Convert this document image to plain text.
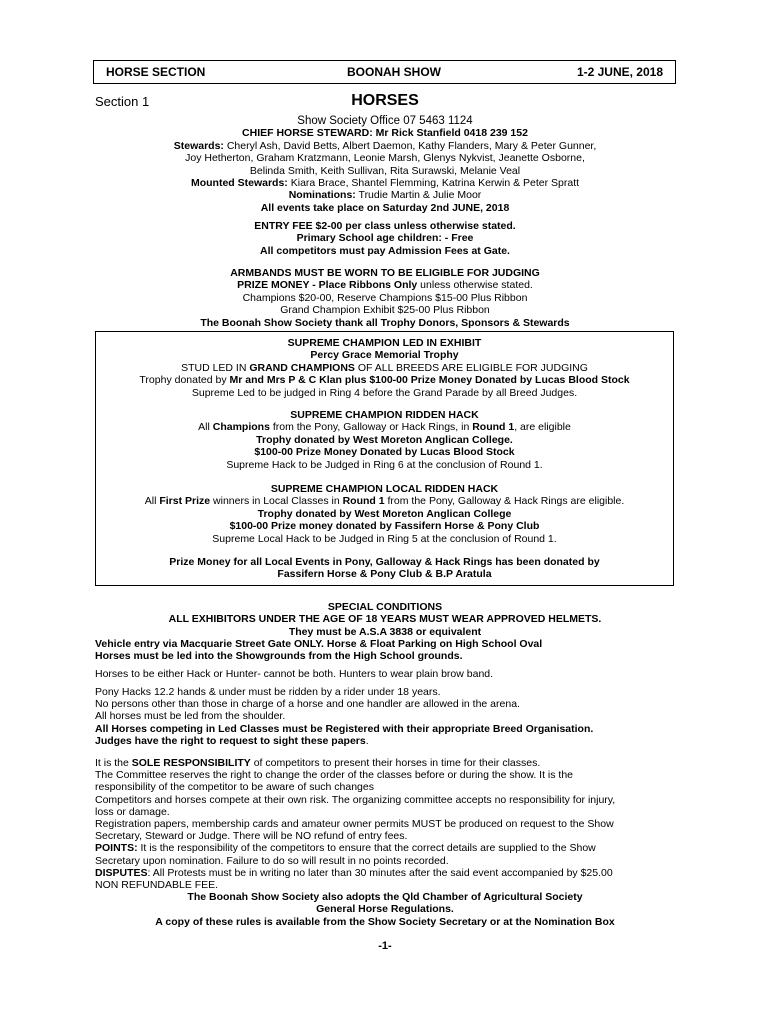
HORSE SECTION	BOONAH SHOW	1-2 JUNE, 2018
Section 1	HORSES

Show Society Office 07 5463 1124

CHIEF HORSE STEWARD: Mr Rick Stanfield 0418 239 152

Stewards: Cheryl Ash, David Betts, Albert Daemon, Kathy Flanders, Mary & Peter Gunner,

Joy Hetherton, Graham Kratzmann, Leonie Marsh, Glenys Nykvist, Jeanette Osborne,

Belinda Smith, Keith Sullivan, Rita Surawski, Melanie Veal

Mounted Stewards: Kiara Brace, Shantel Flemming, Katrina Kerwin & Peter Spratt

Nominations: Trudie Martin & Julie Moor

All events take place on Saturday 2nd JUNE, 2018

ENTRY FEE $2-00 per class unless otherwise stated.

Primary School age children: - Free

All competitors must pay Admission Fees at Gate.

ARMBANDS MUST BE WORN TO BE ELIGIBLE FOR JUDGING

PRIZE MONEY - Place Ribbons Only unless otherwise stated.

Champions $20-00, Reserve Champions $15-00 Plus Ribbon

Grand Champion Exhibit $25-00 Plus Ribbon

The Boonah Show Society thank all Trophy Donors, Sponsors & Stewards

SUPREME CHAMPION LED IN EXHIBIT

Percy Grace Memorial Trophy

STUD LED IN GRAND CHAMPIONS OF ALL BREEDS ARE ELIGIBLE FOR JUDGING

Trophy donated by Mr and Mrs P & C Klan plus $100-00 Prize Money Donated by Lucas Blood Stock

Supreme Led to be judged in Ring 4 before the Grand Parade by all Breed Judges.

SUPREME CHAMPION RIDDEN HACK

All Champions from the Pony, Galloway or Hack Rings, in Round 1, are eligible

Trophy donated by West Moreton Anglican College.

$100-00 Prize Money Donated by Lucas Blood Stock

Supreme Hack to be Judged in Ring 6 at the conclusion of Round 1.

SUPREME CHAMPION LOCAL RIDDEN HACK

All First Prize winners in Local Classes in Round 1 from the Pony, Galloway & Hack Rings are eligible.

Trophy donated by West Moreton Anglican College

$100-00 Prize money donated by Fassifern Horse & Pony Club

Supreme Local Hack to be Judged in Ring 5 at the conclusion of Round 1.

Prize Money for all Local Events in Pony, Galloway & Hack Rings has been donated by

Fassifern Horse & Pony Club & B.P Aratula

SPECIAL CONDITIONS

ALL EXHIBITORS UNDER THE AGE OF 18 YEARS MUST WEAR APPROVED HELMETS.

They must be A.S.A 3838 or equivalent

Vehicle entry via Macquarie Street Gate ONLY. Horse & Float Parking on High School Oval

Horses must be led into the Showgrounds from the High School grounds.

Horses to be either Hack or Hunter- cannot be both. Hunters to wear plain brow band.

Pony Hacks 12.2 hands & under must be ridden by a rider under 18 years.

No persons other than those in charge of a horse and one handler are allowed in the arena.

All horses must be led from the shoulder.

All Horses competing in Led Classes must be Registered with their appropriate Breed Organisation.

Judges have the right to request to sight these papers.

It is the SOLE RESPONSIBILITY of competitors to present their horses in time for their classes.

The Committee reserves the right to change the order of the classes before or during the show. It is the

responsibility of the competitor to be aware of such changes

Competitors and horses compete at their own risk. The organizing committee accepts no responsibility for injury,

loss or damage.

Registration papers, membership cards and amateur owner permits MUST be produced on request to the Show

Secretary, Steward or Judge. There will be NO refund of entry fees.

POINTS: It is the responsibility of the competitors to ensure that the correct details are supplied to the Show

Secretary upon nomination. Failure to do so will result in no points recorded.

DISPUTES: All Protests must be in writing no later than 30 minutes after the said event accompanied by $25.00

NON REFUNDABLE FEE.

The Boonah Show Society also adopts the Qld Chamber of Agricultural Society

General Horse Regulations.

A copy of these rules is available from the Show Society Secretary or at the Nomination Box

-1-
